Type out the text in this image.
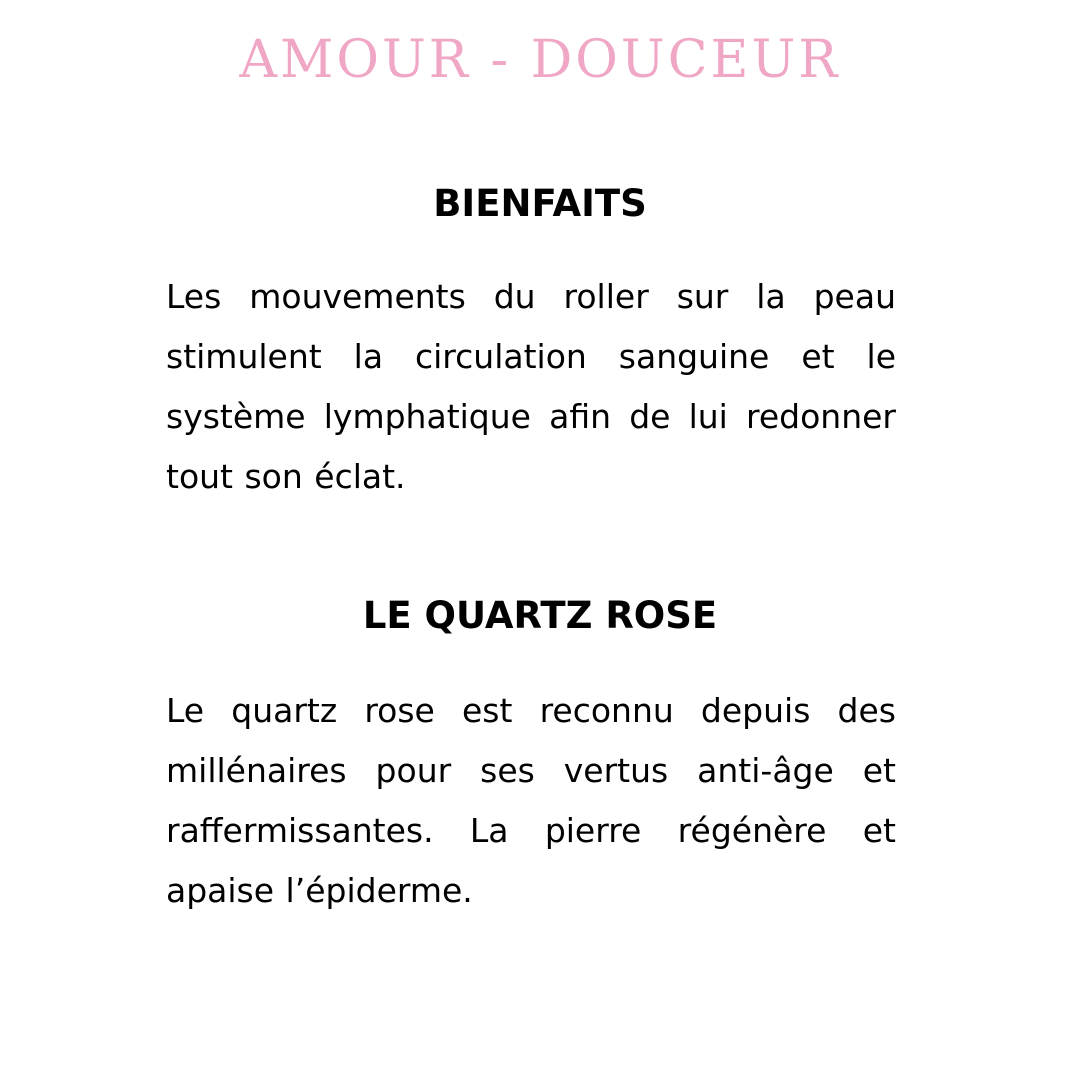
AMOUR - DOUCEUR
BIENFAITS

Les mouvements du roller sur la peau stimulent la circulation sanguine et le système lymphatique afin de lui redonner tout son éclat.

LE QUARTZ ROSE

Le quartz rose est reconnu depuis des millénaires pour ses vertus anti-âge et raffermissantes. La pierre régénère et apaise l’épiderme.
